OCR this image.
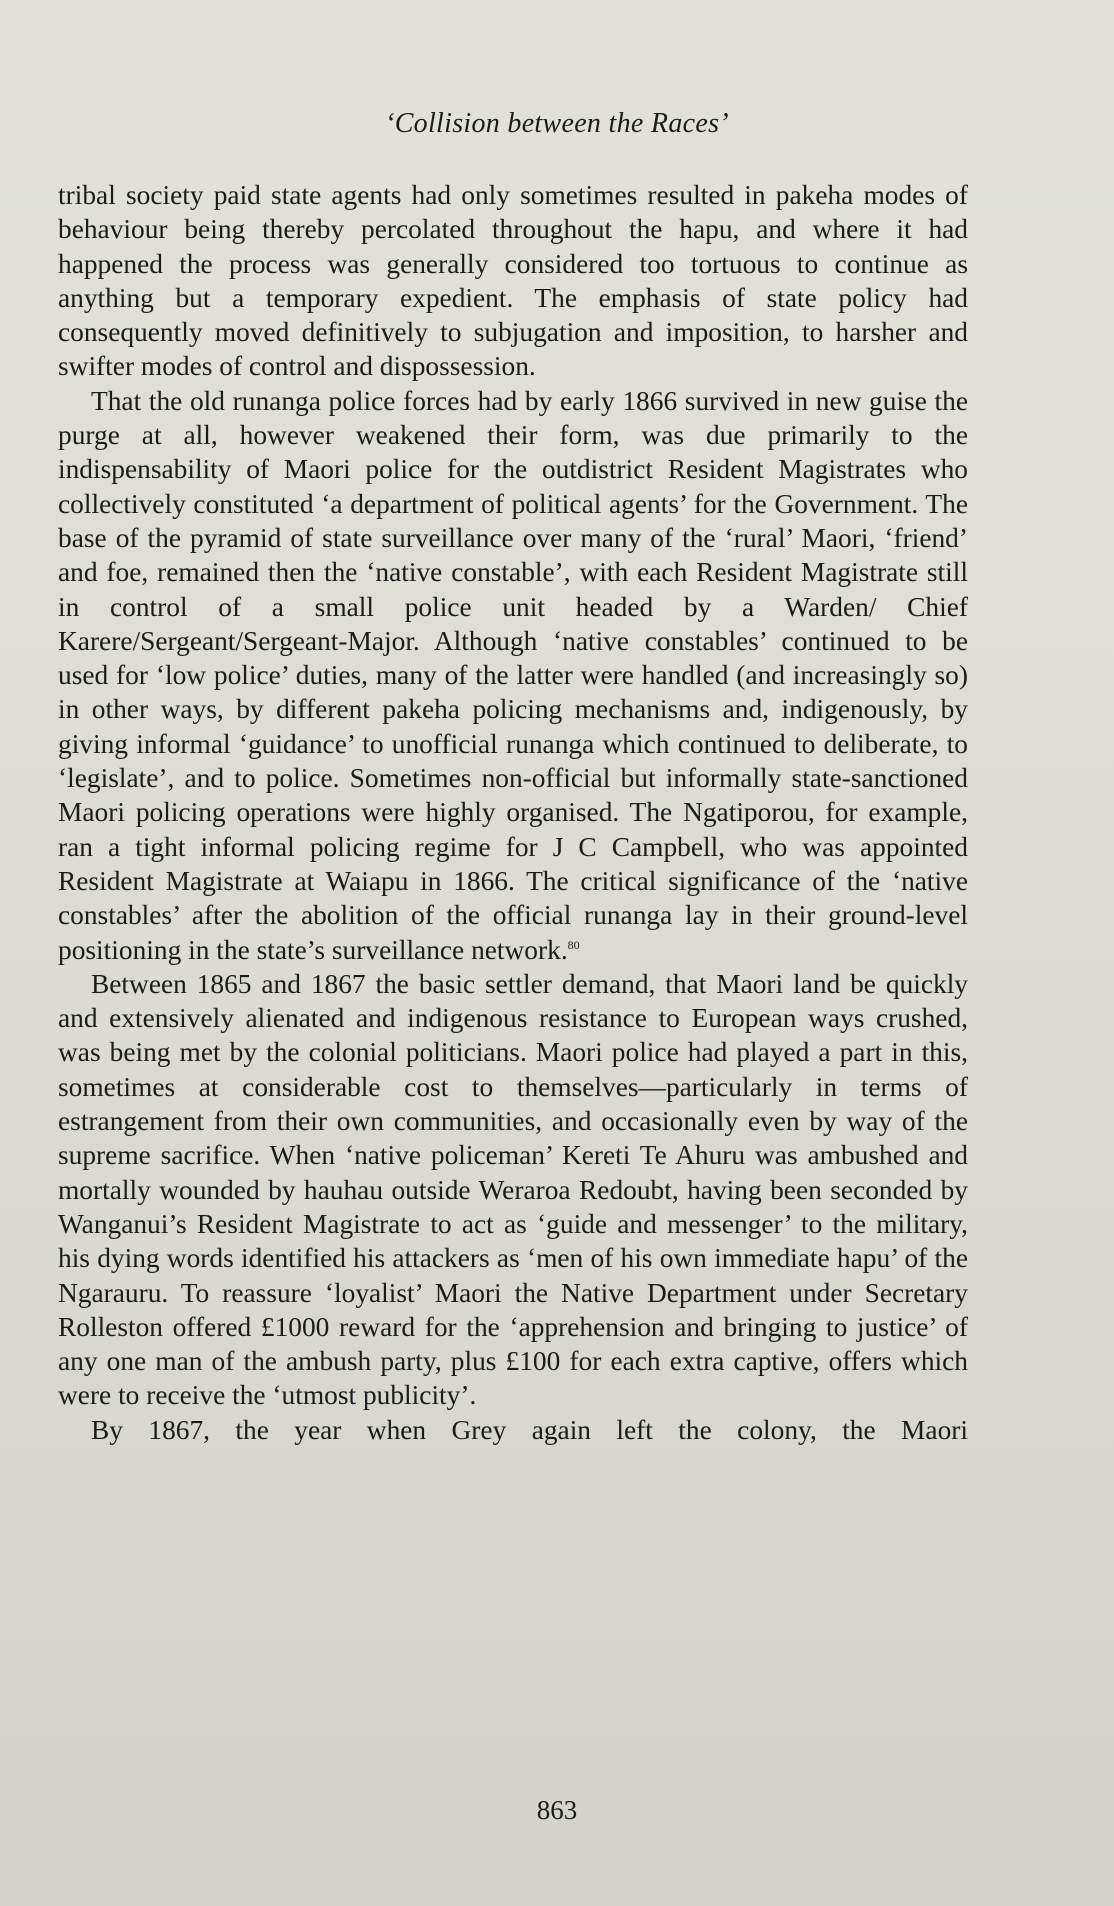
‘Collision between the Races’

tribal society paid state agents had only sometimes resulted in pakeha modes of behaviour being thereby percolated throughout the hapu, and where it had happened the process was generally considered too tortuous to continue as anything but a temporary expedient. The emphasis of state policy had consequently moved definitively to subjugation and imposition, to harsher and swifter modes of control and dispossession.

That the old runanga police forces had by early 1866 survived in new guise the purge at all, however weakened their form, was due primarily to the indispensability of Maori police for the outdistrict Resident Magistrates who collectively constituted ‘a department of political agents’ for the Government. The base of the pyramid of state surveillance over many of the ‘rural’ Maori, ‘friend’ and foe, remained then the ‘native constable’, with each Resident Magistrate still in control of a small police unit headed by a Warden/ Chief Karere/Sergeant/Sergeant-Major. Although ‘native constables’ continued to be used for ‘low police’ duties, many of the latter were handled (and increasingly so) in other ways, by different pakeha policing mechanisms and, indigenously, by giving informal ‘guidance’ to unofficial runanga which continued to deliberate, to ‘legislate’, and to police. Sometimes non-official but informally state-sanctioned Maori policing operations were highly organised. The Ngatiporou, for example, ran a tight informal policing regime for J C Campbell, who was appointed Resident Magistrate at Waiapu in 1866. The critical significance of the ‘native constables’ after the abolition of the official runanga lay in their ground-level positioning in the state’s surveillance network.$^{80}$

Between 1865 and 1867 the basic settler demand, that Maori land be quickly and extensively alienated and indigenous resistance to European ways crushed, was being met by the colonial politicians. Maori police had played a part in this, sometimes at considerable cost to themselves—particularly in terms of estrangement from their own communities, and occasionally even by way of the supreme sacrifice. When ‘native policeman’ Kereti Te Ahuru was ambushed and mortally wounded by hauhau outside Weraroa Redoubt, having been seconded by Wanganui’s Resident Magistrate to act as ‘guide and messenger’ to the military, his dying words identified his attackers as ‘men of his own immediate hapu’ of the Ngarauru. To reassure ‘loyalist’ Maori the Native Department under Secretary Rolleston offered £1000 reward for the ‘apprehension and bringing to justice’ of any one man of the ambush party, plus £100 for each extra captive, offers which were to receive the ‘utmost publicity’.

By 1867, the year when Grey again left the colony, the Maori

863
